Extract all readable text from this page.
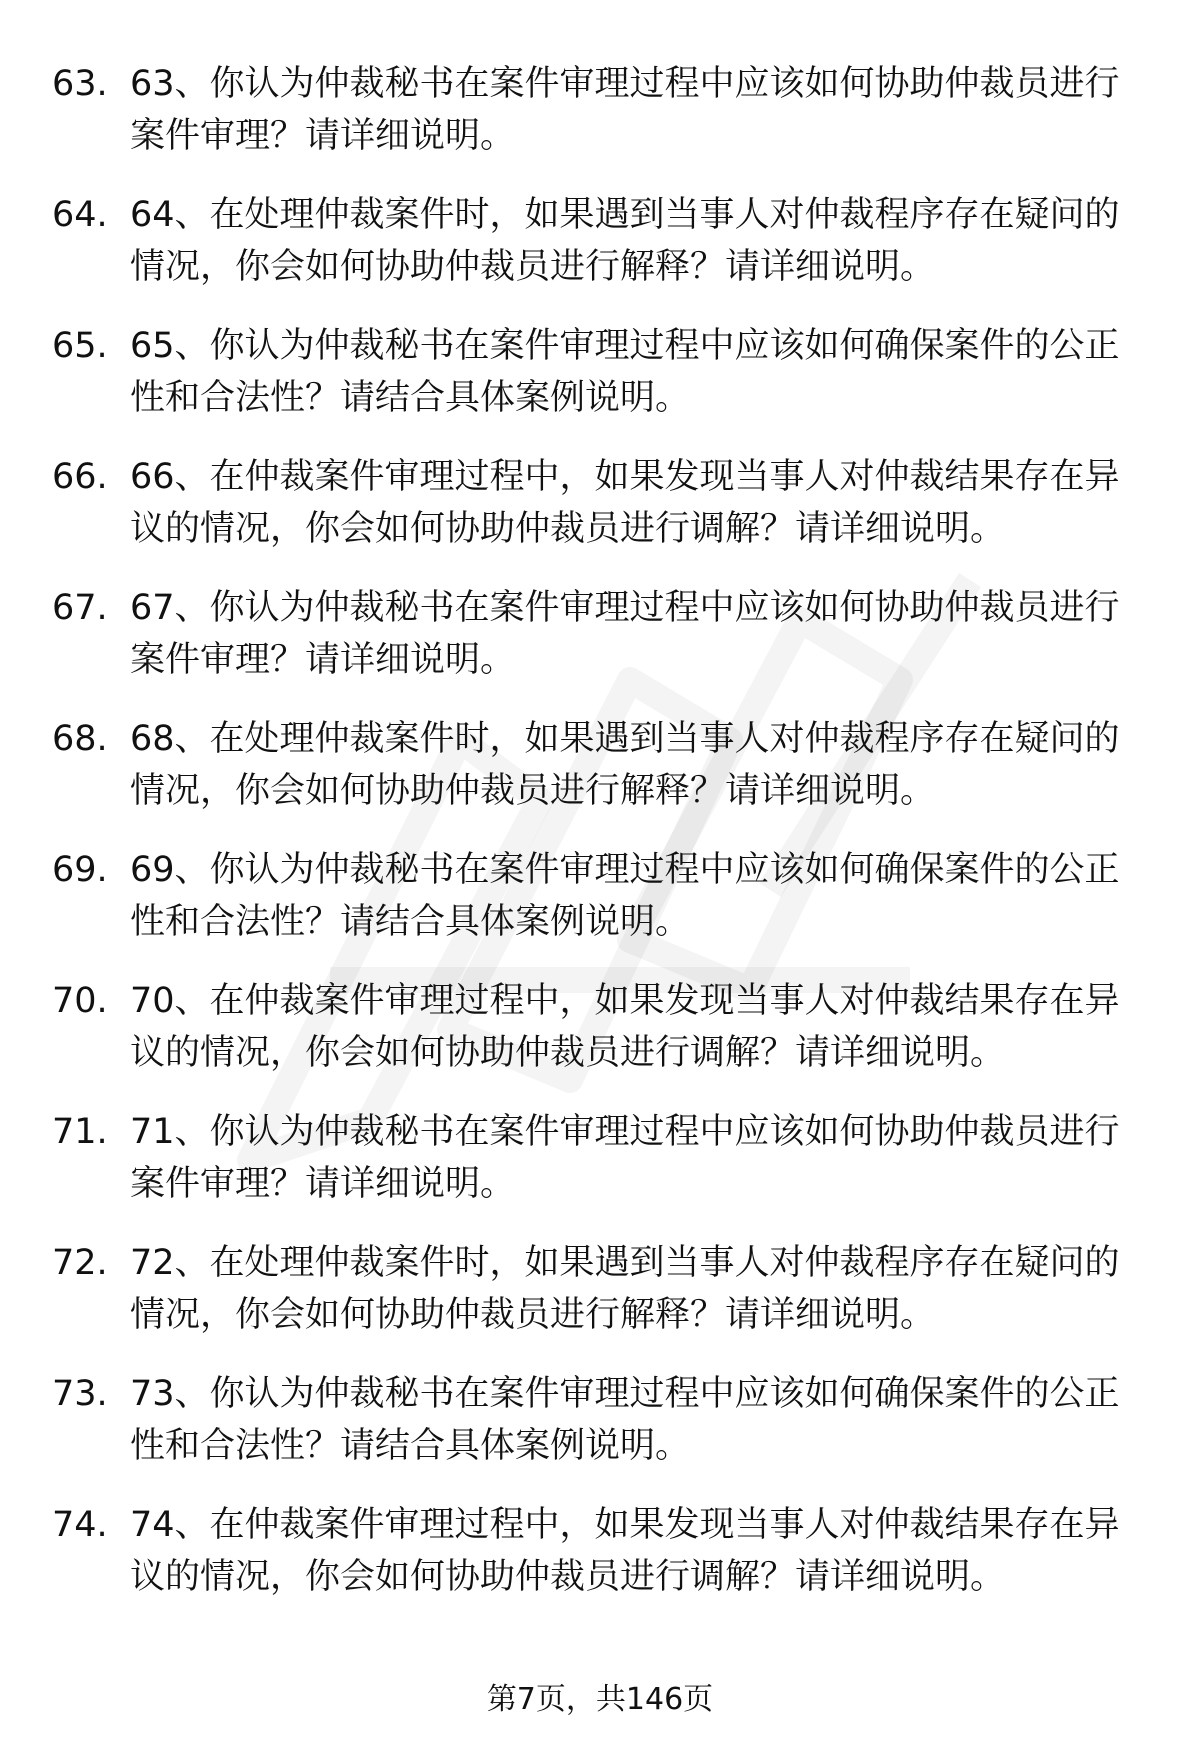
63. 63、你认为仲裁秘书在案件审理过程中应该如何协助仲裁员进行
案件审理？请详细说明。
64. 64、在处理仲裁案件时，如果遇到当事人对仲裁程序存在疑问的
情况，你会如何协助仲裁员进行解释？请详细说明。
65. 65、你认为仲裁秘书在案件审理过程中应该如何确保案件的公正
性和合法性？请结合具体案例说明。
66. 66、在仲裁案件审理过程中，如果发现当事人对仲裁结果存在异
议的情况，你会如何协助仲裁员进行调解？请详细说明。
67. 67、你认为仲裁秘书在案件审理过程中应该如何协助仲裁员进行
案件审理？请详细说明。
68. 68、在处理仲裁案件时，如果遇到当事人对仲裁程序存在疑问的
情况，你会如何协助仲裁员进行解释？请详细说明。
69. 69、你认为仲裁秘书在案件审理过程中应该如何确保案件的公正
性和合法性？请结合具体案例说明。
70. 70、在仲裁案件审理过程中，如果发现当事人对仲裁结果存在异
议的情况，你会如何协助仲裁员进行调解？请详细说明。
71. 71、你认为仲裁秘书在案件审理过程中应该如何协助仲裁员进行
案件审理？请详细说明。
72. 72、在处理仲裁案件时，如果遇到当事人对仲裁程序存在疑问的
情况，你会如何协助仲裁员进行解释？请详细说明。
73. 73、你认为仲裁秘书在案件审理过程中应该如何确保案件的公正
性和合法性？请结合具体案例说明。
74. 74、在仲裁案件审理过程中，如果发现当事人对仲裁结果存在异
议的情况，你会如何协助仲裁员进行调解？请详细说明。
第7页，共146页
